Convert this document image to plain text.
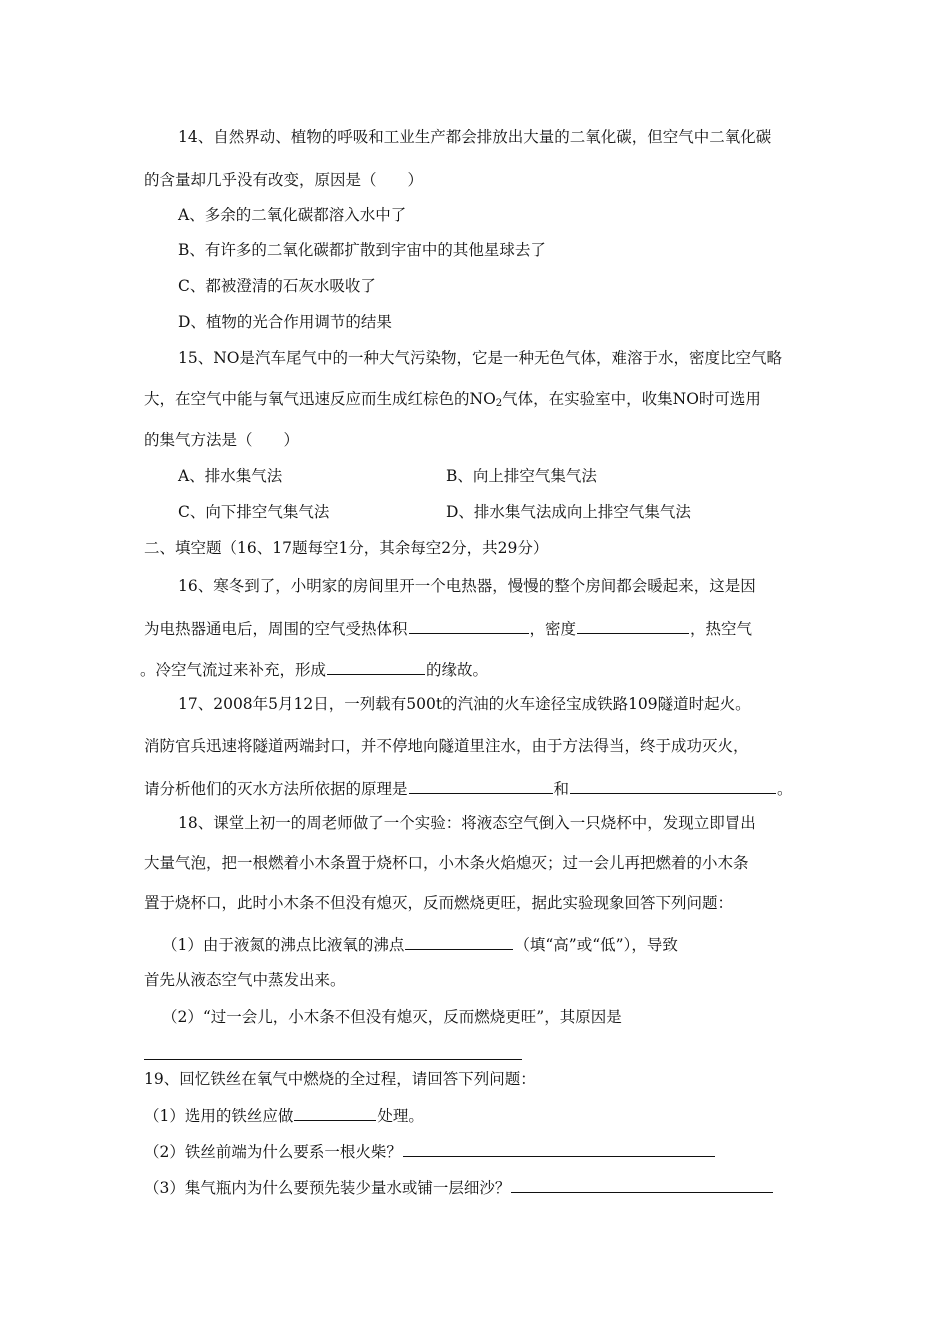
14、自然界动、植物的呼吸和工业生产都会排放出大量的二氧化碳，但空气中二氧化碳
的含量却几乎没有改变，原因是（　　）
A、多余的二氧化碳都溶入水中了
B、有许多的二氧化碳都扩散到宇宙中的其他星球去了
C、都被澄清的石灰水吸收了
D、植物的光合作用调节的结果
15、NO是汽车尾气中的一种大气污染物，它是一种无色气体，难溶于水，密度比空气略
大，在空气中能与氧气迅速反应而生成红棕色的$NO_2$气体，在实验室中，收集NO时可选用
的集气方法是（　　）
A、排水集气法	B、向上排空气集气法
C、向下排空气集气法	D、排水集气法成向上排空气集气法
二、填空题（16、17题每空1分，其余每空2分，共29分）
16、寒冬到了，小明家的房间里开一个电热器，慢慢的整个房间都会暖起来，这是因
为电热器通电后，周围的空气受热体积	，密度	，热空气
。冷空气流过来补充，形成	的缘故。
17、2008年5月12日，一列载有500t的汽油的火车途径宝成铁路109隧道时起火。
消防官兵迅速将隧道两端封口，并不停地向隧道里注水，由于方法得当，终于成功灭火，
请分析他们的灭水方法所依据的原理是	和	。
18、课堂上初一的周老师做了一个实验：将液态空气倒入一只烧杯中，发现立即冒出
大量气泡，把一根燃着小木条置于烧杯口，小木条火焰熄灭；过一会儿再把燃着的小木条
置于烧杯口，此时小木条不但没有熄灭，反而燃烧更旺，据此实验现象回答下列问题：
（1）由于液氮的沸点比液氧的沸点	（填“高”或“低”），导致
首先从液态空气中蒸发出来。
（2）“过一会儿，小木条不但没有熄灭，反而燃烧更旺”，其原因是
19、回忆铁丝在氧气中燃烧的全过程，请回答下列问题：
（1）选用的铁丝应做	处理。
（2）铁丝前端为什么要系一根火柴？
（3）集气瓶内为什么要预先装少量水或铺一层细沙？
